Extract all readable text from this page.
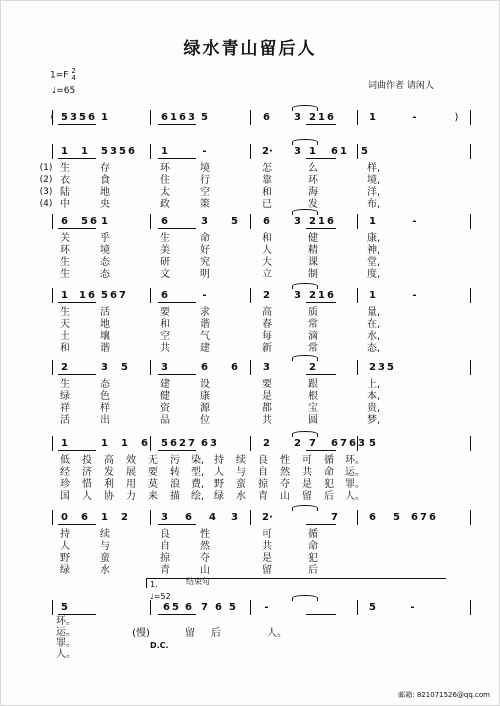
绿水青山留后人
1=F 2
4
♩=65	词曲作者 请闲人
5 3 5 6 1	6 1 6 3 5	6 3 2 1 6	1	-
1 1 5 3 5 6	1	-	2· 3 1 6 1 5
生	存	环	境	怎	么	样,
衣	食	住	行	靠	环	境,
陆	地	太	空	和	海	洋,
中	央	政	策	已	发	布,
6 5 6 1	6	3 5	6 3 2 1 6	1	-
关	乎	生	命	和	健	康,
环	境	美	好	人	精	神,
生	态	研	究	大	课	堂,
生	态	文	明	立	制	度,
1 1 6 5 6 7	6	-	2 3 2 1 6	1	-
生	活	要	求	高	质	量,
天	地	和	谐	春	常	在,
土	壤	空	气	每	滴	水,
和	谐	共	建	新	常	态,
2	3 5	3	6 6	3	2	2 3 5
生	态	建	设	要	跟	上,
绿	色	健	康	是	根	本,
祥	样	资	源	都	宝	贵,
活	出	品	位	共	圆	梦,
1	1 1 6 5 6 2 7 6 3	2 2 7 6 7 6 3 5
低 投 高 效 无 污 染, 持 续 良 性 可 循 环。
经 济 发 展 要 转 型, 人 与 自 然 共 命 运。
珍 惜 利 用 莫 浪 费, 野 蛮 掠 夺 是 犯 罪。
国 人 协 力 来 描 绘, 绿 水 青 山 留 后 人。
0 6 1 2	3 6 4 3 2·	7	6 5 6 7 6
持	续	良	性	可	循
人	与	自	然	共	命
野	蛮	掠	夺	是	犯
绿	水	青	山	留	后
5	6 5 6 7 6 5	-	5	-
环。
运。
罪。
人。
(慢)	留 后	人。
(1)
(2)
(3)
(4)
(	)
1.	结束句
♩=52
D.C.
邮箱: 821071526@qq.com
